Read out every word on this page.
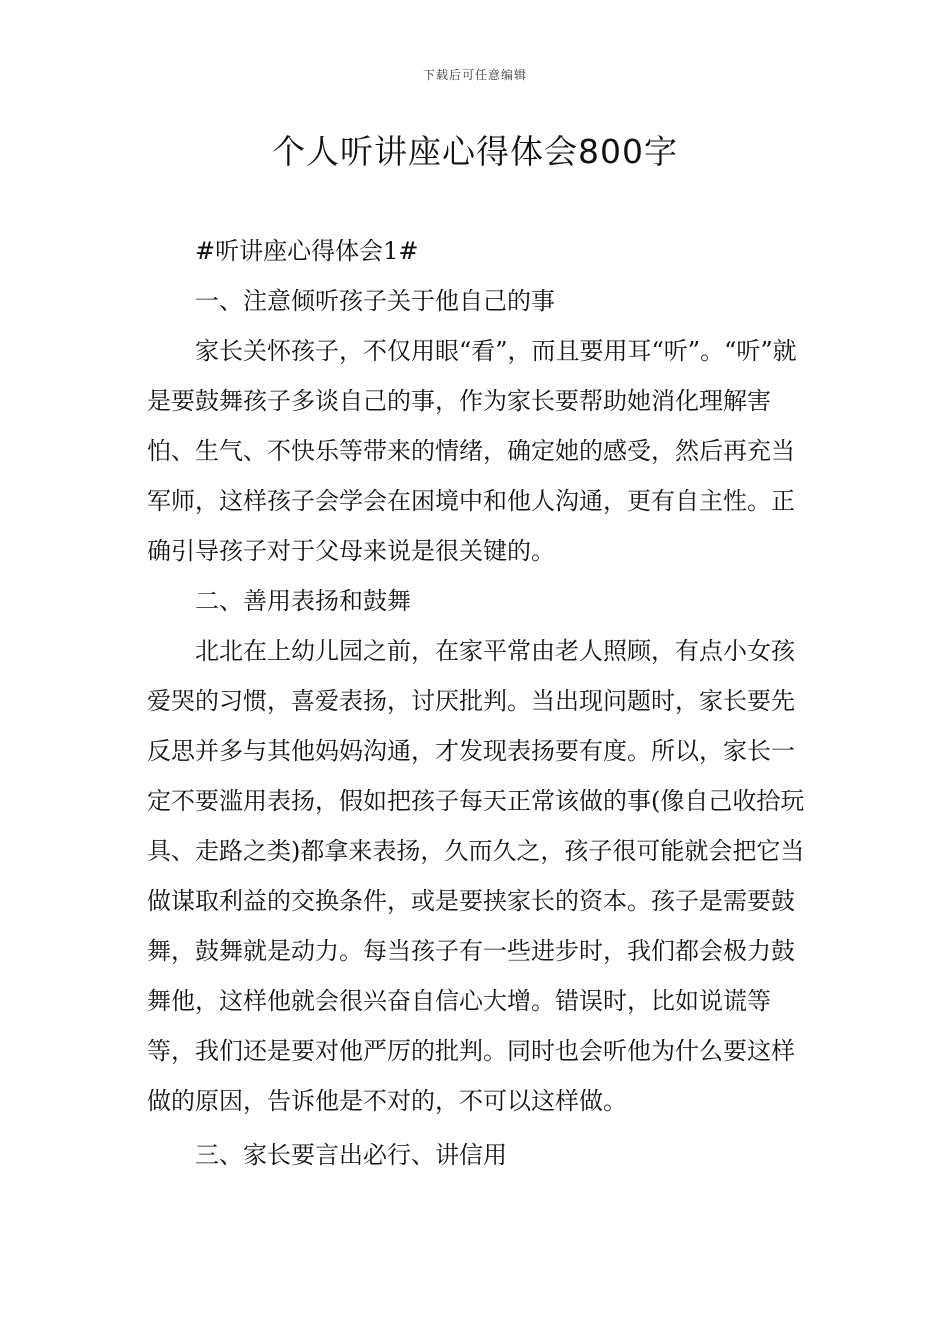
下载后可任意编辑
个人听讲座心得体会800字

#听讲座心得体会1#

一、注意倾听孩子关于他自己的事

家长关怀孩子，不仅用眼“看”，而且要用耳“听”。“听”就是要鼓舞孩子多谈自己的事，作为家长要帮助她消化理解害怕、生气、不快乐等带来的情绪，确定她的感受，然后再充当军师，这样孩子会学会在困境中和他人沟通，更有自主性。正确引导孩子对于父母来说是很关键的。

二、善用表扬和鼓舞

北北在上幼儿园之前，在家平常由老人照顾，有点小女孩爱哭的习惯，喜爱表扬，讨厌批判。当出现问题时，家长要先反思并多与其他妈妈沟通，才发现表扬要有度。所以，家长一定不要滥用表扬，假如把孩子每天正常该做的事(像自己收拾玩具、走路之类)都拿来表扬，久而久之，孩子很可能就会把它当做谋取利益的交换条件，或是要挟家长的资本。孩子是需要鼓舞，鼓舞就是动力。每当孩子有一些进步时，我们都会极力鼓舞他，这样他就会很兴奋自信心大增。错误时，比如说谎等等，我们还是要对他严厉的批判。同时也会听他为什么要这样做的原因，告诉他是不对的，不可以这样做。

三、家长要言出必行、讲信用
